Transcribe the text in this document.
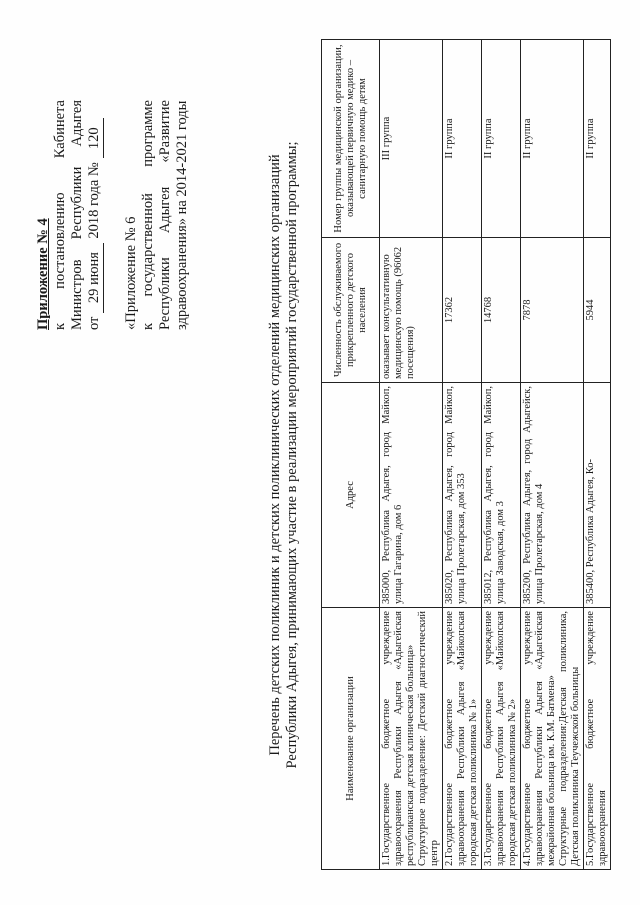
Приложение № 4 к
постановлению
Кабинета
Министров
Республики
Адыгея
от
29 июня
2018 года №
120
«Приложение № 6 к
государственной
программе
Республики
Адыгея
«Развитие здравоохранения» на 2014-2021 годы	Перечень детских поликлиник и детских поликлинических отделений медицинских организаций Республики Адыгея, принимающих участие в реализации мероприятий государственной программы;	Наименование организации	Адрес	Численность обслуживаемого прикрепленного детского населения	Номер группы медицинской организации, оказывающей первичную медико – санитарную помощь детям
1.Государственное бюджетное учреждение здравоохранения Республики Адыгея «Адыгейская республиканская детская клиническая больница»
Структурное подразделение: Детский диагностический центр	385000, Республика Адыгея, город Майкоп, улица Гагарина, дом 6	оказывает консультативную медицинскую помощь (96062 посещения)	III группа
2.Государственное бюджетное учреждение здравоохранения Республики Адыгея «Майкопская городская детская поликлиника № 1»	385020, Республика Адыгея, город Майкоп, улица Пролетарская, дом 353	17362	II группа
3.Государственное бюджетное учреждение здравоохранения Республики Адыгея «Майкопская городская детская поликлиника № 2»	385012, Республика Адыгея, город Майкоп, улица Заводская, дом 3	14768	II группа
4.Государственное бюджетное учреждение здравоохранения Республики Адыгея «Адыгейская межрайонная больница им. К.М. Батмена»
Структурные подразделения:Детская поликлиника, Детская поликлиника Теучежской больницы	385200, Республика Адыгея, город Адыгейск, улица Пролетарская, дом 4	7878	II группа
5.Государственное бюджетное учреждение здравоохранения	385400, Республика Адыгея, Ко-	5944	II группа
